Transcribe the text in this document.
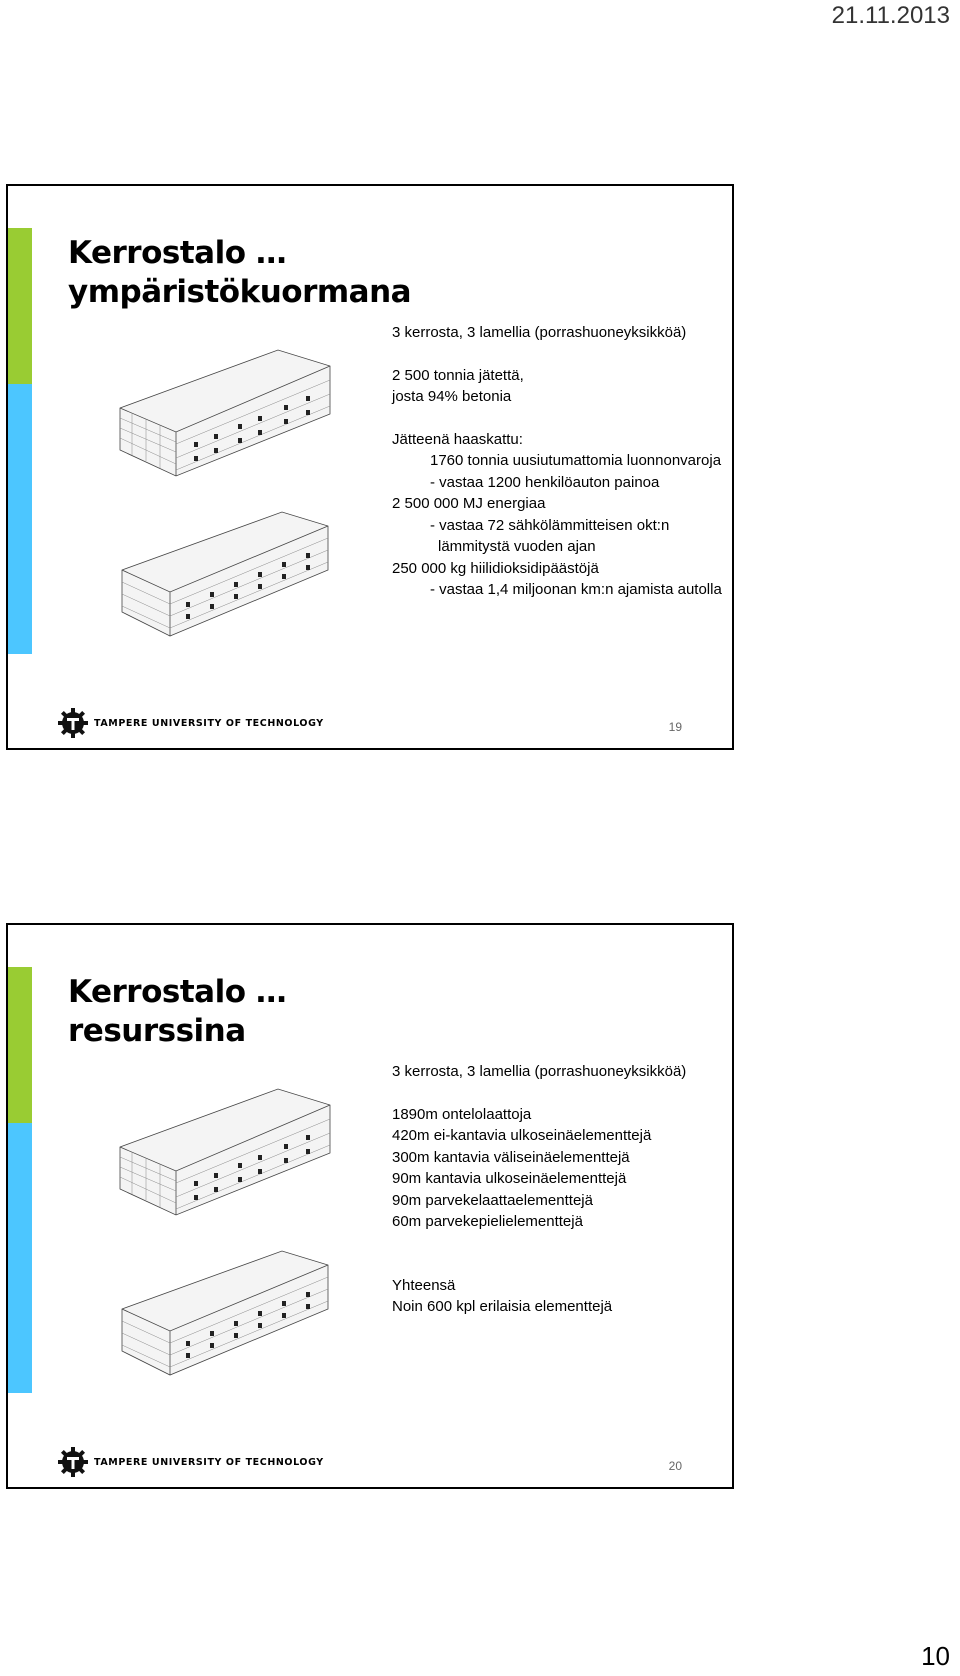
21.11.2013
Kerrostalo …
ympäristökuormana
3 kerrosta, 3 lamellia (porrashuoneyksikköä)
2 500 tonnia jätettä,
josta 94% betonia
Jätteenä haaskattu:
1760 tonnia uusiutumattomia luonnonvaroja
- vastaa 1200 henkilöauton painoa
2 500 000 MJ energiaa
- vastaa 72 sähkölämmitteisen okt:n
lämmitystä vuoden ajan
250 000 kg hiilidioksidipäästöjä
- vastaa 1,4 miljoonan km:n ajamista autolla
TAMPERE UNIVERSITY OF TECHNOLOGY	19
Kerrostalo …
resurssina
3 kerrosta, 3 lamellia (porrashuoneyksikköä)
1890m ontelolaattoja
420m ei-kantavia ulkoseinäelementtejä
300m kantavia väliseinäelementtejä
90m kantavia ulkoseinäelementtejä
90m parvekelaattaelementtejä
60m parvekepielielementtejä
Yhteensä
Noin 600 kpl erilaisia elementtejä
TAMPERE UNIVERSITY OF TECHNOLOGY	20
10
